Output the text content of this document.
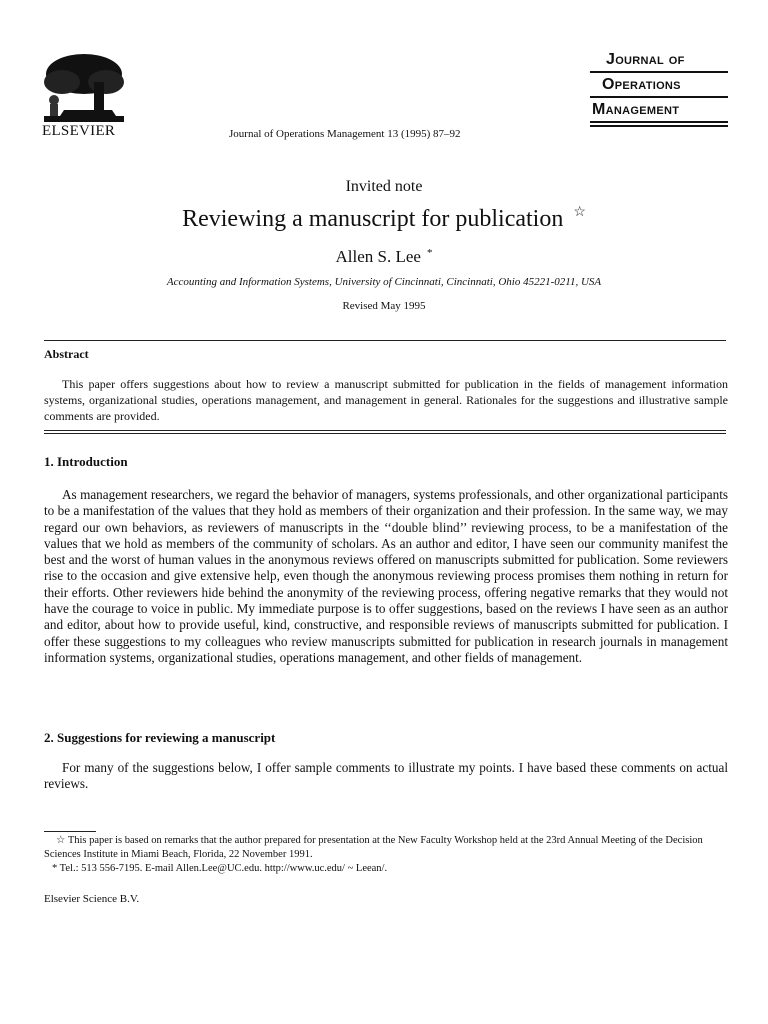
ELSEVIER	Journal of Operations Management 13 (1995) 87–92
Journal of
Operations
Management
Invited note
Reviewing a manuscript for publication ☆
Allen S. Lee *
Accounting and Information Systems, University of Cincinnati, Cincinnati, Ohio 45221-0211, USA
Revised May 1995
Abstract
This paper offers suggestions about how to review a manuscript submitted for publication in the fields of management information systems, organizational studies, operations management, and management in general. Rationales for the suggestions and illustrative sample comments are provided.
1. Introduction
As management researchers, we regard the behavior of managers, systems professionals, and other organizational participants to be a manifestation of the values that they hold as members of their organization and their profession. In the same way, we may regard our own behaviors, as reviewers of manuscripts in the ‘‘double blind’’ reviewing process, to be a manifestation of the values that we hold as members of the community of scholars. As an author and editor, I have seen our community manifest the best and the worst of human values in the anonymous reviews offered on manuscripts submitted for publication. Some reviewers rise to the occasion and give extensive help, even though the anonymous reviewing process promises them nothing in return for their efforts. Other reviewers hide behind the anonymity of the reviewing process, offering negative remarks that they would not have the courage to voice in public. My immediate purpose is to offer suggestions, based on the reviews I have seen as an author and editor, about how to provide useful, kind, constructive, and responsible reviews of manuscripts submitted for publication. I offer these suggestions to my colleagues who review manuscripts submitted for publication in research journals in management information systems, organizational studies, operations management, and other fields of management.
2. Suggestions for reviewing a manuscript
For many of the suggestions below, I offer sample comments to illustrate my points. I have based these comments on actual reviews.

☆ This paper is based on remarks that the author prepared for presentation at the New Faculty Workshop held at the 23rd Annual Meeting of the Decision Sciences Institute in Miami Beach, Florida, 22 November 1991.

* Tel.: 513 556-7195. E-mail Allen.Lee@UC.edu. http://www.uc.edu/ ~ Leean/.

Elsevier Science B.V.
